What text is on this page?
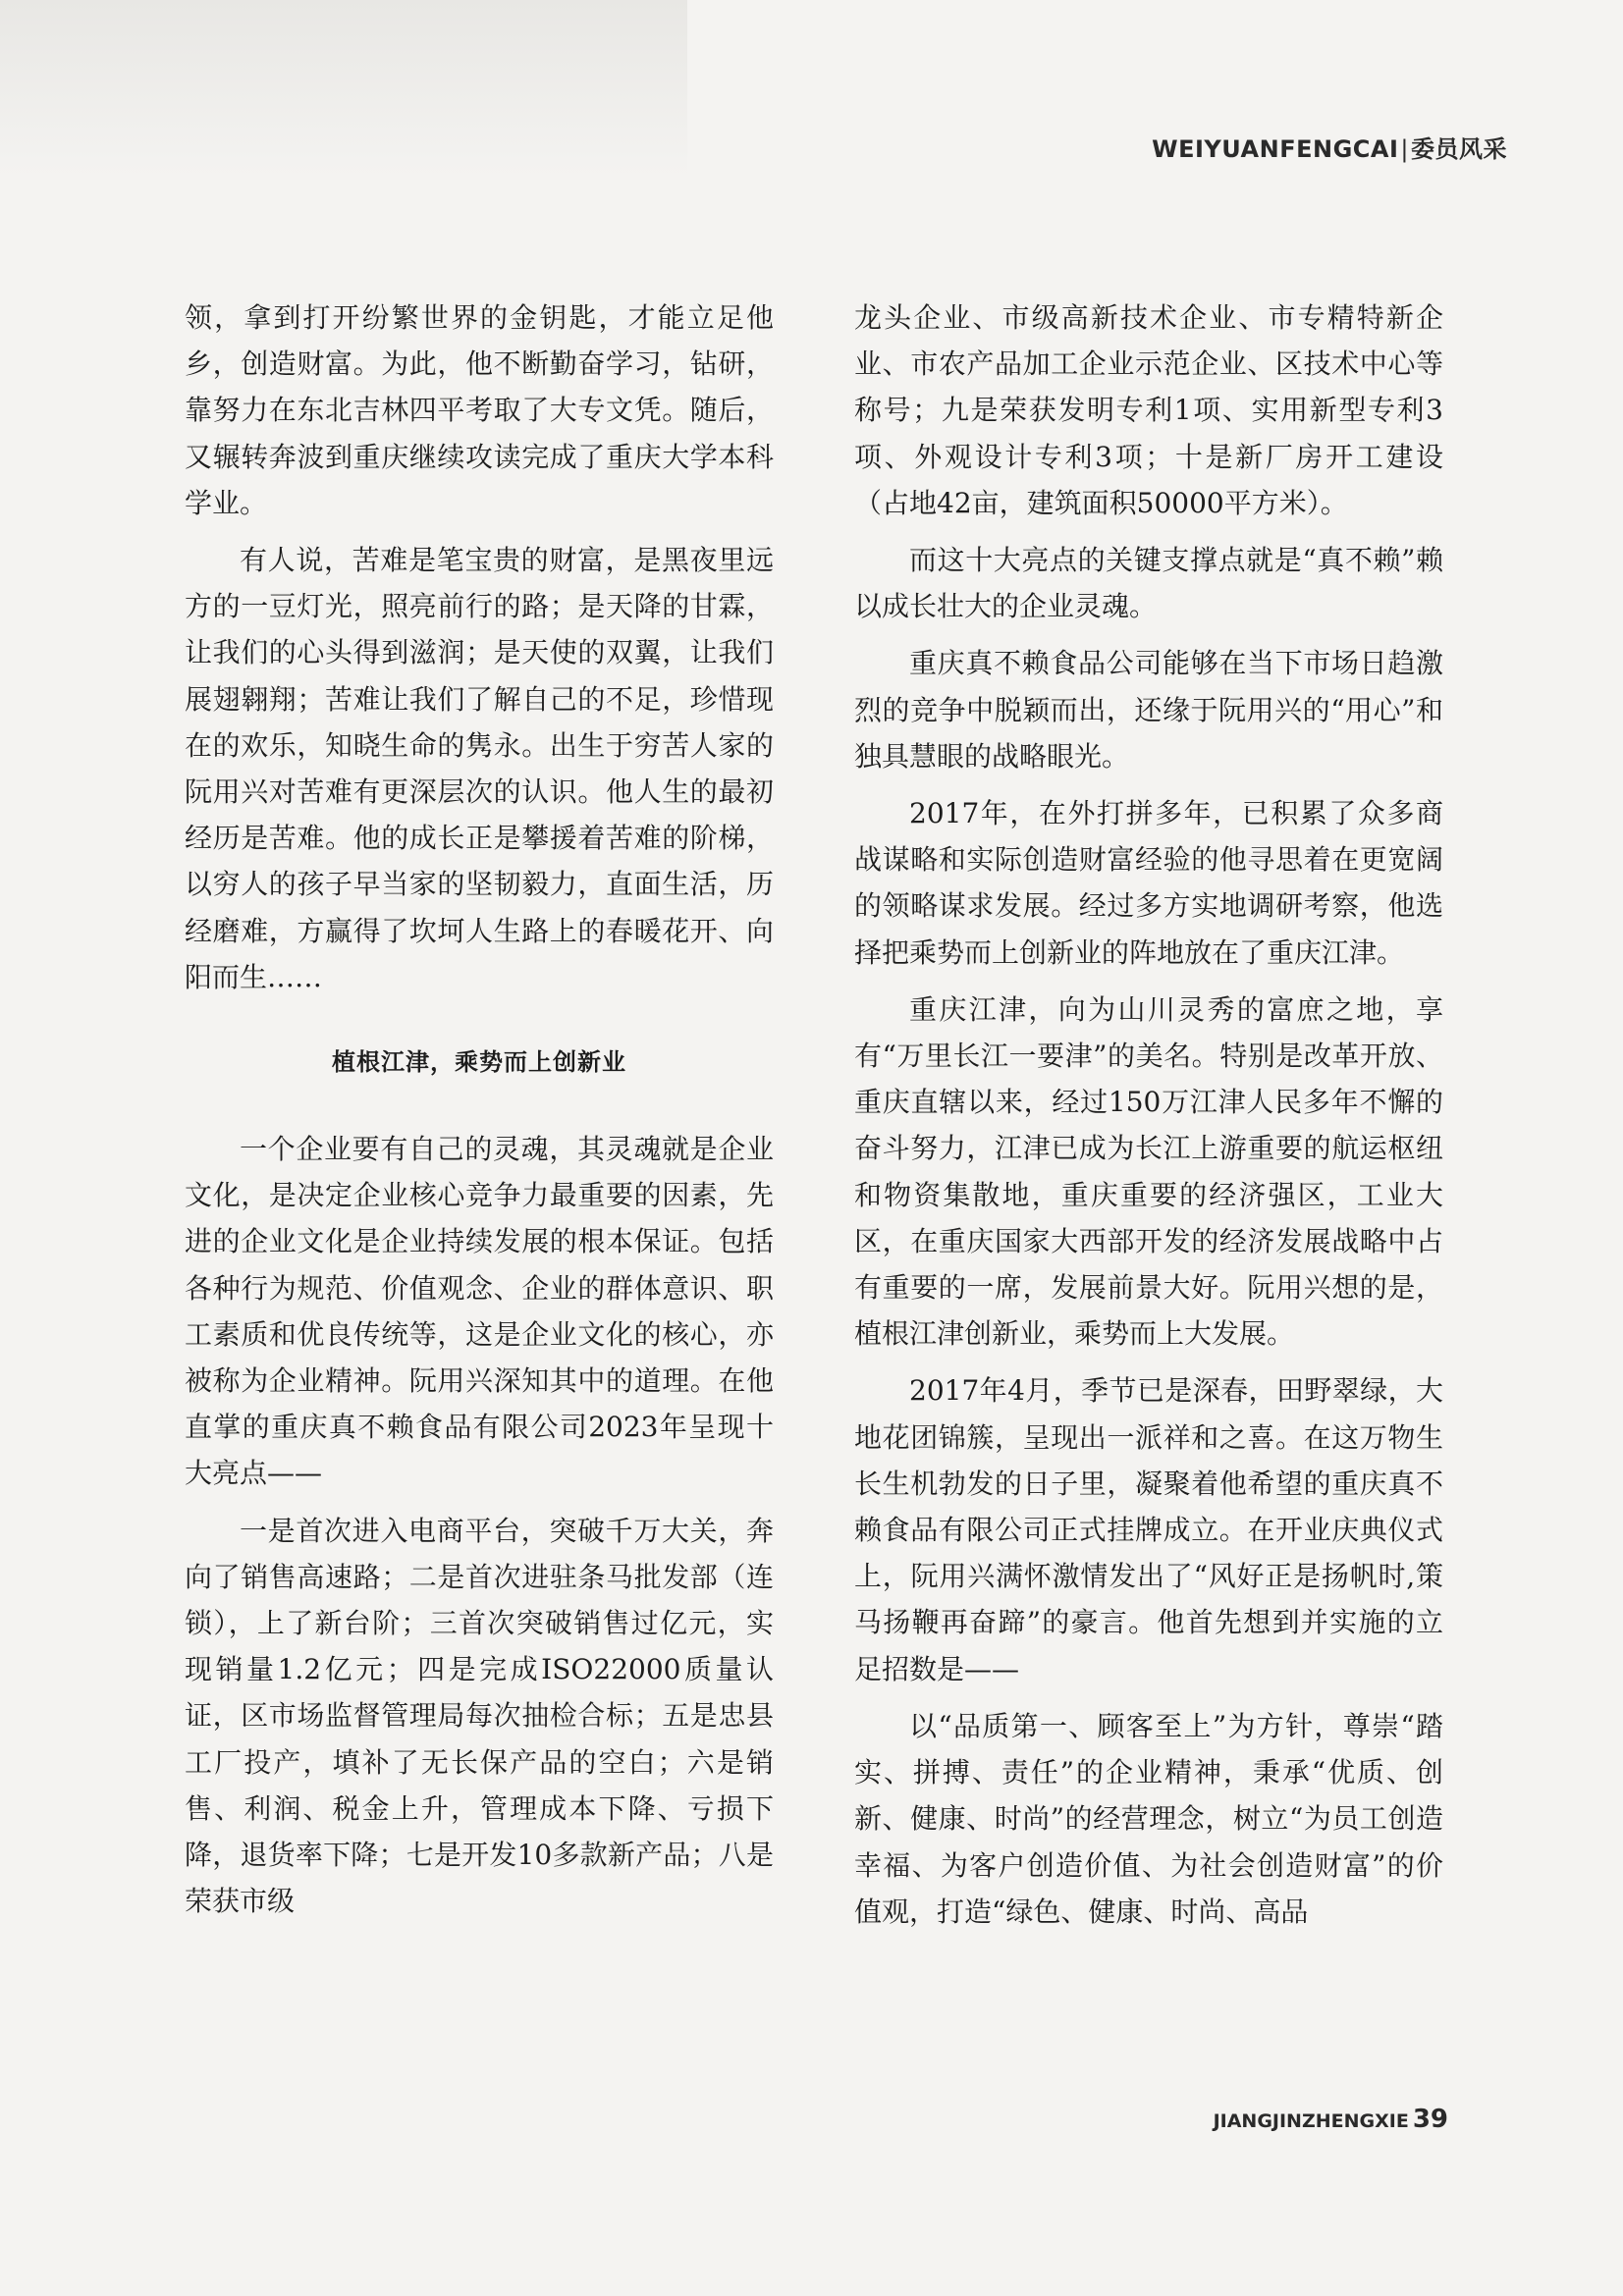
WEIYUANFENGCAI|委员风采

领，拿到打开纷繁世界的金钥匙，才能立足他乡，创造财富。为此，他不断勤奋学习，钻研，靠努力在东北吉林四平考取了大专文凭。随后，又辗转奔波到重庆继续攻读完成了重庆大学本科学业。

有人说，苦难是笔宝贵的财富，是黑夜里远方的一豆灯光，照亮前行的路；是天降的甘霖，让我们的心头得到滋润；是天使的双翼，让我们展翅翱翔；苦难让我们了解自己的不足，珍惜现在的欢乐，知晓生命的隽永。出生于穷苦人家的阮用兴对苦难有更深层次的认识。他人生的最初经历是苦难。他的成长正是攀援着苦难的阶梯，以穷人的孩子早当家的坚韧毅力，直面生活，历经磨难，方赢得了坎坷人生路上的春暖花开、向阳而生……

植根江津，乘势而上创新业

一个企业要有自己的灵魂，其灵魂就是企业文化，是决定企业核心竞争力最重要的因素，先进的企业文化是企业持续发展的根本保证。包括各种行为规范、价值观念、企业的群体意识、职工素质和优良传统等，这是企业文化的核心，亦被称为企业精神。阮用兴深知其中的道理。在他直掌的重庆真不赖食品有限公司2023年呈现十大亮点——

一是首次进入电商平台，突破千万大关，奔向了销售高速路；二是首次进驻条马批发部（连锁），上了新台阶；三首次突破销售过亿元，实现销量1.2亿元；四是完成ISO22000质量认证，区市场监督管理局每次抽检合标；五是忠县工厂投产，填补了无长保产品的空白；六是销售、利润、税金上升，管理成本下降、亏损下降，退货率下降；七是开发10多款新产品；八是荣获市级

龙头企业、市级高新技术企业、市专精特新企业、市农产品加工企业示范企业、区技术中心等称号；九是荣获发明专利1项、实用新型专利3项、外观设计专利3项；十是新厂房开工建设（占地42亩，建筑面积50000平方米）。

而这十大亮点的关键支撑点就是“真不赖”赖以成长壮大的企业灵魂。

重庆真不赖食品公司能够在当下市场日趋激烈的竞争中脱颖而出，还缘于阮用兴的“用心”和独具慧眼的战略眼光。

2017年，在外打拼多年，已积累了众多商战谋略和实际创造财富经验的他寻思着在更宽阔的领略谋求发展。经过多方实地调研考察，他选择把乘势而上创新业的阵地放在了重庆江津。

重庆江津，向为山川灵秀的富庶之地，享有“万里长江一要津”的美名。特别是改革开放、重庆直辖以来，经过150万江津人民多年不懈的奋斗努力，江津已成为长江上游重要的航运枢纽和物资集散地，重庆重要的经济强区，工业大区，在重庆国家大西部开发的经济发展战略中占有重要的一席，发展前景大好。阮用兴想的是，植根江津创新业，乘势而上大发展。

2017年4月，季节已是深春，田野翠绿，大地花团锦簇，呈现出一派祥和之喜。在这万物生长生机勃发的日子里，凝聚着他希望的重庆真不赖食品有限公司正式挂牌成立。在开业庆典仪式上，阮用兴满怀激情发出了“风好正是扬帆时,策马扬鞭再奋蹄”的豪言。他首先想到并实施的立足招数是——

以“品质第一、顾客至上”为方针，尊崇“踏实、拼搏、责任”的企业精神，秉承“优质、创新、健康、时尚”的经营理念，树立“为员工创造幸福、为客户创造价值、为社会创造财富”的价值观，打造“绿色、健康、时尚、高品

JIANGJINZHENGXIE 39
